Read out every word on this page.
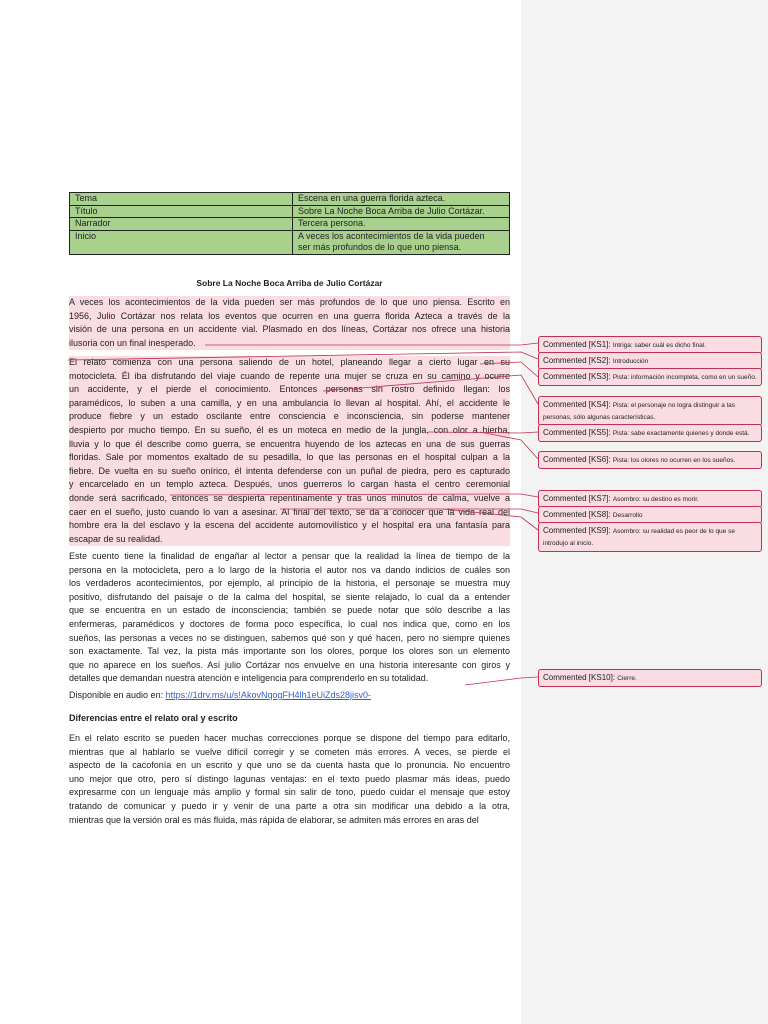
Tema	Escena en una guerra florida azteca.
Título	Sobre La Noche Boca Arriba de Julio Cortázar.
Narrador	Tercera persona.
Inicio	A veces los acontecimientos de la vida pueden
ser más profundos de lo que uno piensa.
Sobre La Noche Boca Arriba de Julio Cortázar
A veces los acontecimientos de la vida pueden ser más profundos de lo que uno piensa. Escrito en
1956, Julio Cortázar nos relata los eventos que ocurren en una guerra florida Azteca a través de la
visión de una persona en un accidente vial. Plasmado en dos líneas, Cortázar nos ofrece una historia
ilusoria con un final inesperado.
El relato comienza con una persona saliendo de un hotel, planeando llegar a cierto lugar en su
motocicleta. Él iba disfrutando del viaje cuando de repente una mujer se cruza en su camino y ocurre
un accidente, y el pierde el conocimiento. Entonces personas sin rostro definido llegan: los
paramédicos, lo suben a una camilla, y en una ambulancia lo llevan al hospital. Ahí, el accidente le
produce fiebre y un estado oscilante entre consciencia e inconsciencia, sin poderse mantener
despierto por mucho tiempo. En su sueño, él es un moteca en medio de la jungla, con olor a hierba,
lluvia y lo que él describe como guerra, se encuentra huyendo de los aztecas en una de sus guerras
floridas. Sale por momentos exaltado de su pesadilla, lo que las personas en el hospital culpan a la
fiebre. De vuelta en su sueño onírico, él intenta defenderse con un puñal de piedra, pero es capturado
y encarcelado en un templo azteca. Después, unos guerreros lo cargan hasta el centro ceremonial
donde será sacrificado, entonces se despierta repentinamente y tras unos minutos de calma, vuelve a
caer en el sueño, justo cuando lo van a asesinar. Al final del texto, se da a conocer que la vida real del
hombre era la del esclavo y la escena del accidente automovilístico y el hospital era una fantasía para
escapar de su realidad.
Este cuento tiene la finalidad de engañar al lector a pensar que la realidad la línea de tiempo de la
persona en la motocicleta, pero a lo largo de la historia el autor nos va dando indicios de cuáles son
los verdaderos acontecimientos, por ejemplo, al principio de la historia, el personaje se muestra muy
positivo, disfrutando del paisaje o de la calma del hospital, se siente relajado, lo cual da a entender
que se encuentra en un estado de inconsciencia; también se puede notar que sólo describe a las
enfermeras, paramédicos y doctores de forma poco específica, lo cual nos indica que, como en los
sueños, las personas a veces no se distinguen, sabemos qué son y qué hacen, pero no siempre quienes
son exactamente. Tal vez, la pista más importante son los olores, porque los olores son un elemento
que no aparece en los sueños. Así julio Cortázar nos envuelve en una historia interesante con giros y
detalles que demandan nuestra atención e inteligencia para comprenderlo en su totalidad.
Disponible en audio en: https://1drv.ms/u/s!AkovNqogFH4lh1eUiZds28jisv0-
Diferencias entre el relato oral y escrito
En el relato escrito se pueden hacer muchas correcciones porque se dispone del tiempo para editarlo,
mientras que al hablarlo se vuelve difícil corregir y se cometen más errores. A veces, se pierde el
aspecto de la cacofonía en un escrito y que uno se da cuenta hasta que lo pronuncia. No encuentro
uno mejor que otro, pero sí distingo lagunas ventajas: en el texto puedo plasmar más ideas, puedo
expresarme con un lenguaje más amplio y formal sin salir de tono, puedo cuidar el mensaje que estoy
tratando de comunicar y puedo ir y venir de una parte a otra sin modificar una debido a la otra,
mientras que la versión oral es más fluida, más rápida de elaborar, se admiten más errores en aras del
Commented [KS1]: Intriga: saber cuál es dicho final.
Commented [KS2]: Introducción
Commented [KS3]: Pista: información incompleta, como en un sueño.
Commented [KS4]: Pista: el personaje no logra distinguir a las personas, sólo algunas características.
Commented [KS5]: Pista: sabe exactamente quienes y donde está.
Commented [KS6]: Pista: los olores no ocurren en los sueños.
Commented [KS7]: Asombro: su destino es morir.
Commented [KS8]: Desarrollo
Commented [KS9]: Asombro: su realidad es peor de lo que se introdujo al inicio.
Commented [KS10]: Cierre.
